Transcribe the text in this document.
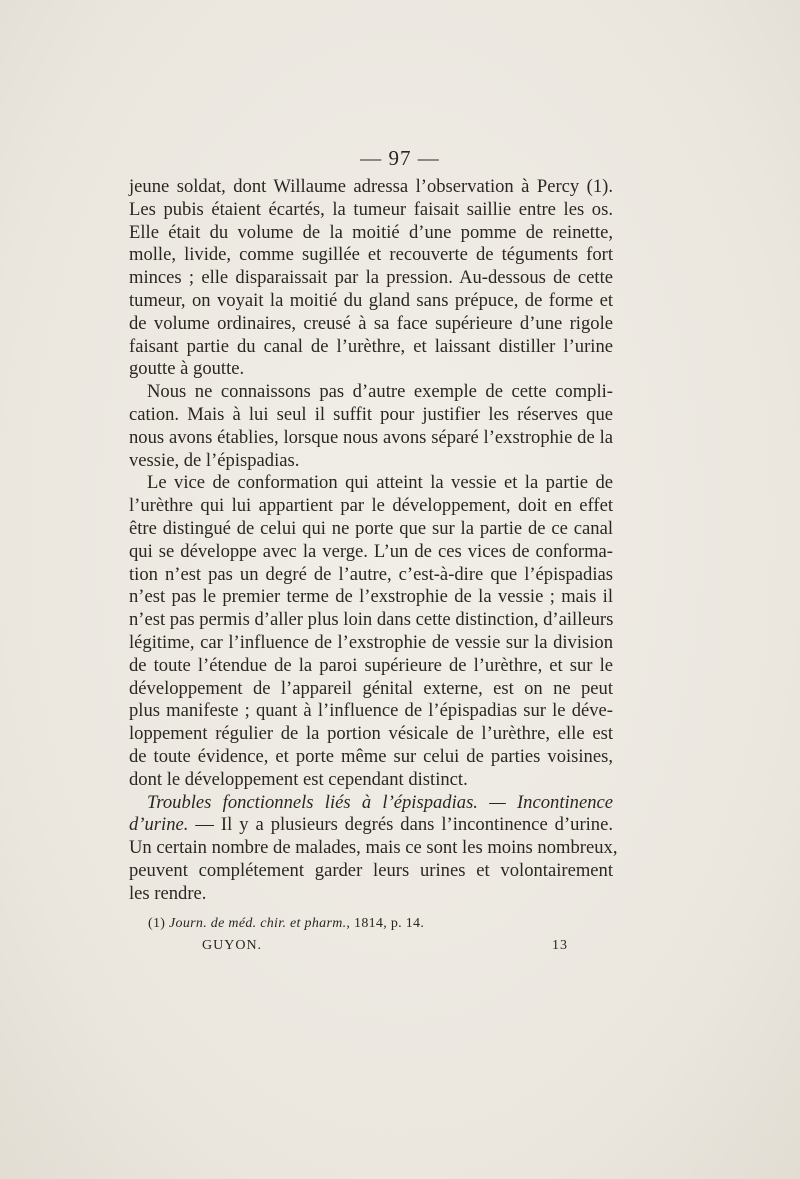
— 97 —
jeune soldat, dont Willaume adressa l’observation à Percy (1).
Les pubis étaient écartés, la tumeur faisait saillie entre les os.
Elle était du volume de la moitié d’une pomme de reinette,
molle, livide, comme sugillée et recouverte de téguments fort
minces ; elle disparaissait par la pression. Au-dessous de cette
tumeur, on voyait la moitié du gland sans prépuce, de forme et
de volume ordinaires, creusé à sa face supérieure d’une rigole
faisant partie du canal de l’urèthre, et laissant distiller l’urine
goutte à goutte.
Nous ne connaissons pas d’autre exemple de cette compli-
cation. Mais à lui seul il suffit pour justifier les réserves que
nous avons établies, lorsque nous avons séparé l’exstrophie de la
vessie, de l’épispadias.
Le vice de conformation qui atteint la vessie et la partie de
l’urèthre qui lui appartient par le développement, doit en effet
être distingué de celui qui ne porte que sur la partie de ce canal
qui se développe avec la verge. L’un de ces vices de conforma-
tion n’est pas un degré de l’autre, c’est-à-dire que l’épispadias
n’est pas le premier terme de l’exstrophie de la vessie ; mais il
n’est pas permis d’aller plus loin dans cette distinction, d’ailleurs
légitime, car l’influence de l’exstrophie de vessie sur la division
de toute l’étendue de la paroi supérieure de l’urèthre, et sur le
développement de l’appareil génital externe, est on ne peut
plus manifeste ; quant à l’influence de l’épispadias sur le déve-
loppement régulier de la portion vésicale de l’urèthre, elle est
de toute évidence, et porte même sur celui de parties voisines,
dont le développement est cependant distinct.
Troubles fonctionnels liés à l’épispadias. — Incontinence
d’urine. — Il y a plusieurs degrés dans l’incontinence d’urine.
Un certain nombre de malades, mais ce sont les moins nombreux,
peuvent complétement garder leurs urines et volontairement
les rendre.
(1) Journ. de méd. chir. et pharm., 1814, p. 14.
GUYON.	13
